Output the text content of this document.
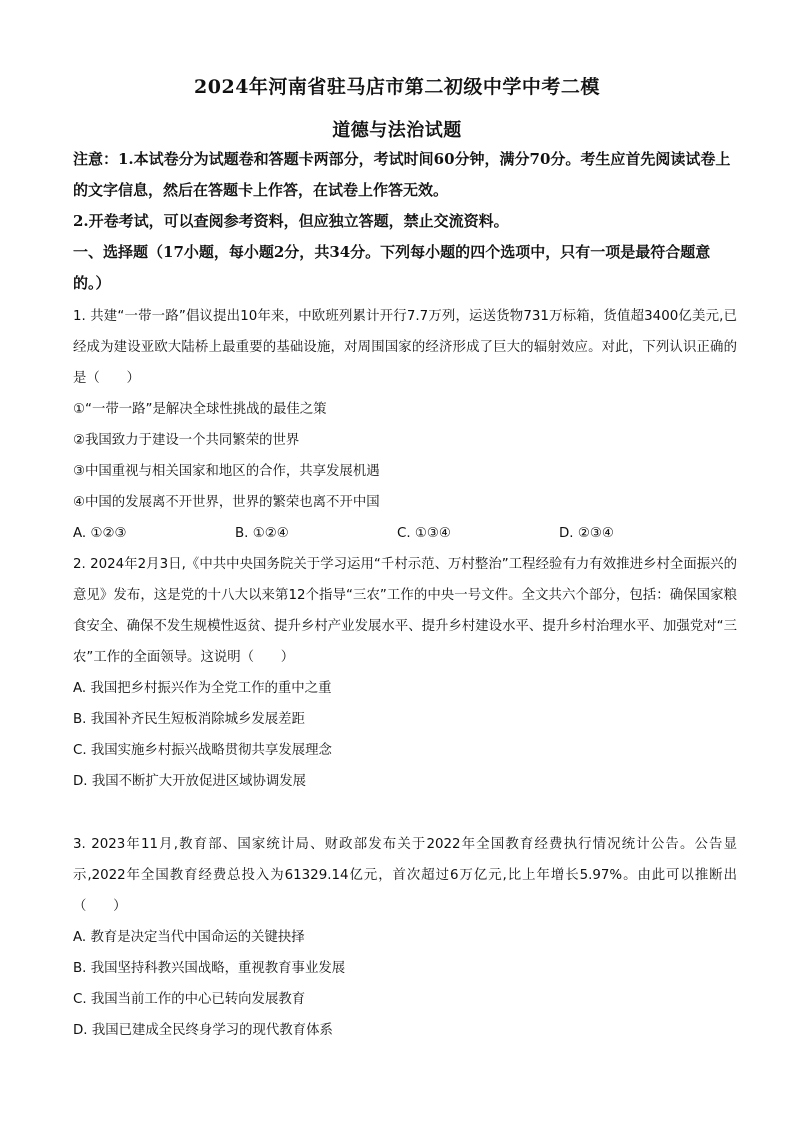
2024年河南省驻马店市第二初级中学中考二模
道德与法治试题
注意：1.本试卷分为试题卷和答题卡两部分，考试时间60分钟，满分70分。考生应首先阅读试卷上的文字信息，然后在答题卡上作答，在试卷上作答无效。
2.开卷考试，可以查阅参考资料，但应独立答题，禁止交流资料。
一、选择题（17小题，每小题2分，共34分。下列每小题的四个选项中，只有一项是最符合题意的。）
1. 共建“一带一路”倡议提出10年来，中欧班列累计开行7.7万列，运送货物731万标箱，货值超3400亿美元,已经成为建设亚欧大陆桥上最重要的基础设施，对周围国家的经济形成了巨大的辐射效应。对此，下列认识正确的是（　　）
①“一带一路”是解决全球性挑战的最佳之策
②我国致力于建设一个共同繁荣的世界
③中国重视与相关国家和地区的合作，共享发展机遇
④中国的发展离不开世界，世界的繁荣也离不开中国
A. ①②③	B. ①②④	C. ①③④	D. ②③④
2. 2024年2月3日,《中共中央国务院关于学习运用“千村示范、万村整治”工程经验有力有效推进乡村全面振兴的意见》发布，这是党的十八大以来第12个指导“三农”工作的中央一号文件。全文共六个部分，包括：确保国家粮食安全、确保不发生规模性返贫、提升乡村产业发展水平、提升乡村建设水平、提升乡村治理水平、加强党对“三农”工作的全面领导。这说明（　　）
A. 我国把乡村振兴作为全党工作的重中之重
B. 我国补齐民生短板消除城乡发展差距
C. 我国实施乡村振兴战略贯彻共享发展理念
D. 我国不断扩大开放促进区域协调发展
3. 2023年11月,教育部、国家统计局、财政部发布关于2022年全国教育经费执行情况统计公告。公告显示,2022年全国教育经费总投入为61329.14亿元，首次超过6万亿元,比上年增长5.97%。由此可以推断出（　　）
A. 教育是决定当代中国命运的关键抉择
B. 我国坚持科教兴国战略，重视教育事业发展
C. 我国当前工作的中心已转向发展教育
D. 我国已建成全民终身学习的现代教育体系
